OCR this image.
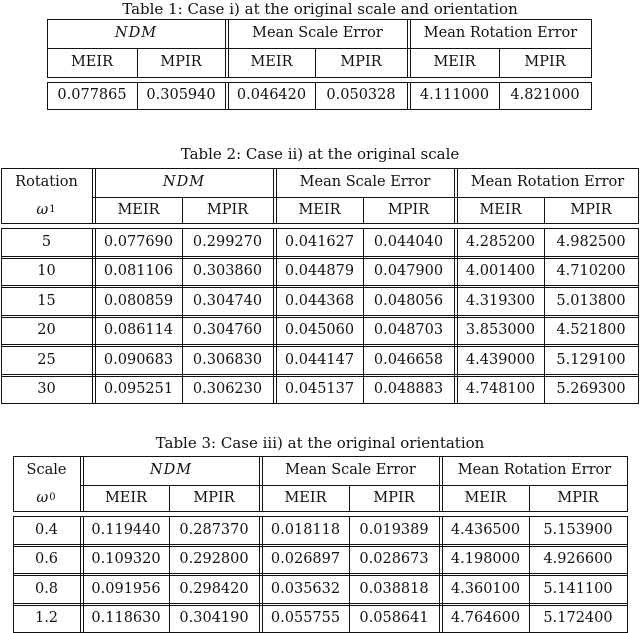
Table 1: Case i) at the original scale and orientation
NDM
MEIR	MPIR
Mean Scale Error
MEIR	MPIR
Mean Rotation Error
MEIR	MPIR
0.077865	0.305940	0.046420	0.050328	4.111000	4.821000
Table 2: Case ii) at the original scale
Rotation
ω 1
NDM
MEIR	MPIR
Mean Scale Error
MEIR	MPIR
Mean Rotation Error
MEIR	MPIR
5	0.077690	0.299270	0.041627	0.044040	4.285200	4.982500
10	0.081106	0.303860	0.044879	0.047900	4.001400	4.710200
15	0.080859	0.304740	0.044368	0.048056	4.319300	5.013800
20	0.086114	0.304760	0.045060	0.048703	3.853000	4.521800
25	0.090683	0.306830	0.044147	0.046658	4.439000	5.129100
30	0.095251	0.306230	0.045137	0.048883	4.748100	5.269300
Table 3: Case iii) at the original orientation
Scale
ω 0
NDM
MEIR	MPIR
Mean Scale Error
MEIR	MPIR
Mean Rotation Error
MEIR	MPIR
0.4	0.119440	0.287370	0.018118	0.019389	4.436500	5.153900
0.6	0.109320	0.292800	0.026897	0.028673	4.198000	4.926600
0.8	0.091956	0.298420	0.035632	0.038818	4.360100	5.141100
1.2	0.118630	0.304190	0.055755	0.058641	4.764600	5.172400
